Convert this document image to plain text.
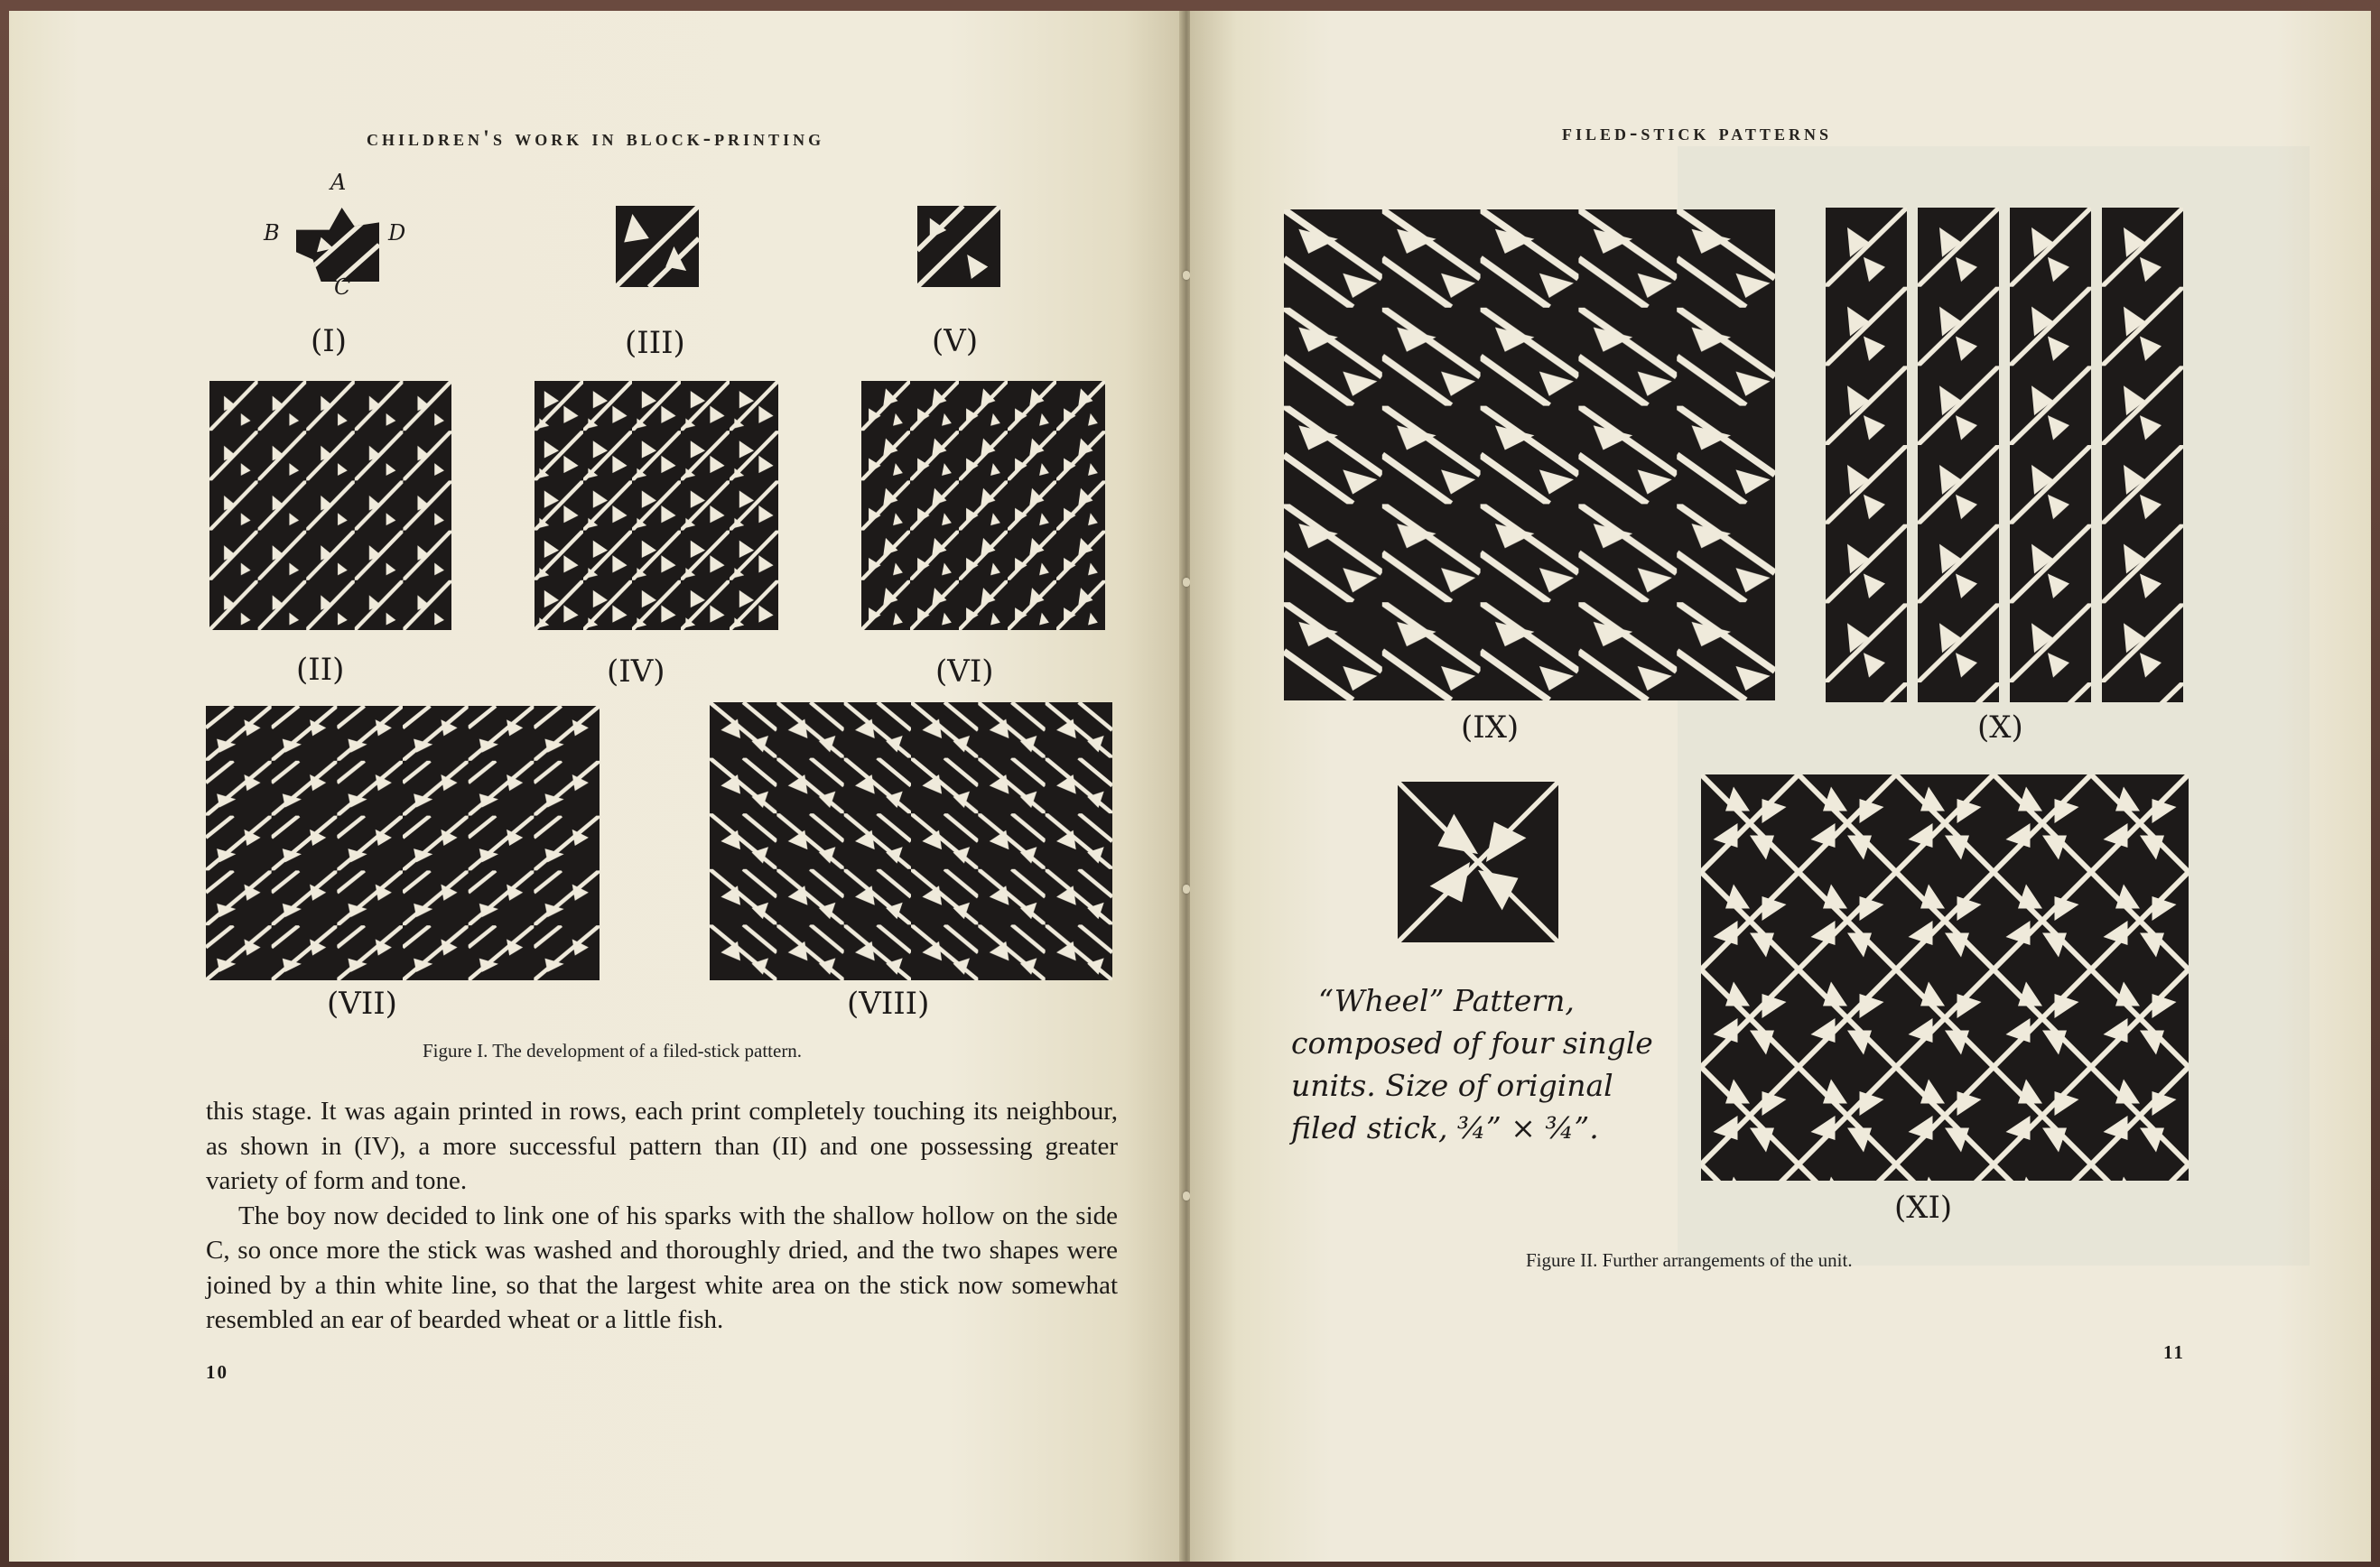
children's work in block-printing
A
B
C
D
(I)	(III)	(V)
(II)	(IV)	(VI)
(VII)	(VIII)
Figure I. The development of a filed-stick pattern.

this stage. It was again printed in rows, each print completely touching its neighbour, as shown in (IV), a more successful pattern than (II) and one possessing greater variety of form and tone.

The boy now decided to link one of his sparks with the shallow hollow on the side C, so once more the stick was washed and thoroughly dried, and the two shapes were joined by a thin white line, so that the largest white area on the stick now somewhat resembled an ear of bearded wheat or a little fish.

10
filed-stick patterns
(IX)	(X)
“Wheel” Pattern,
composed of four single
units. Size of original
filed stick, ¾” × ¾”.
(XI)
Figure II. Further arrangements of the unit.
11
